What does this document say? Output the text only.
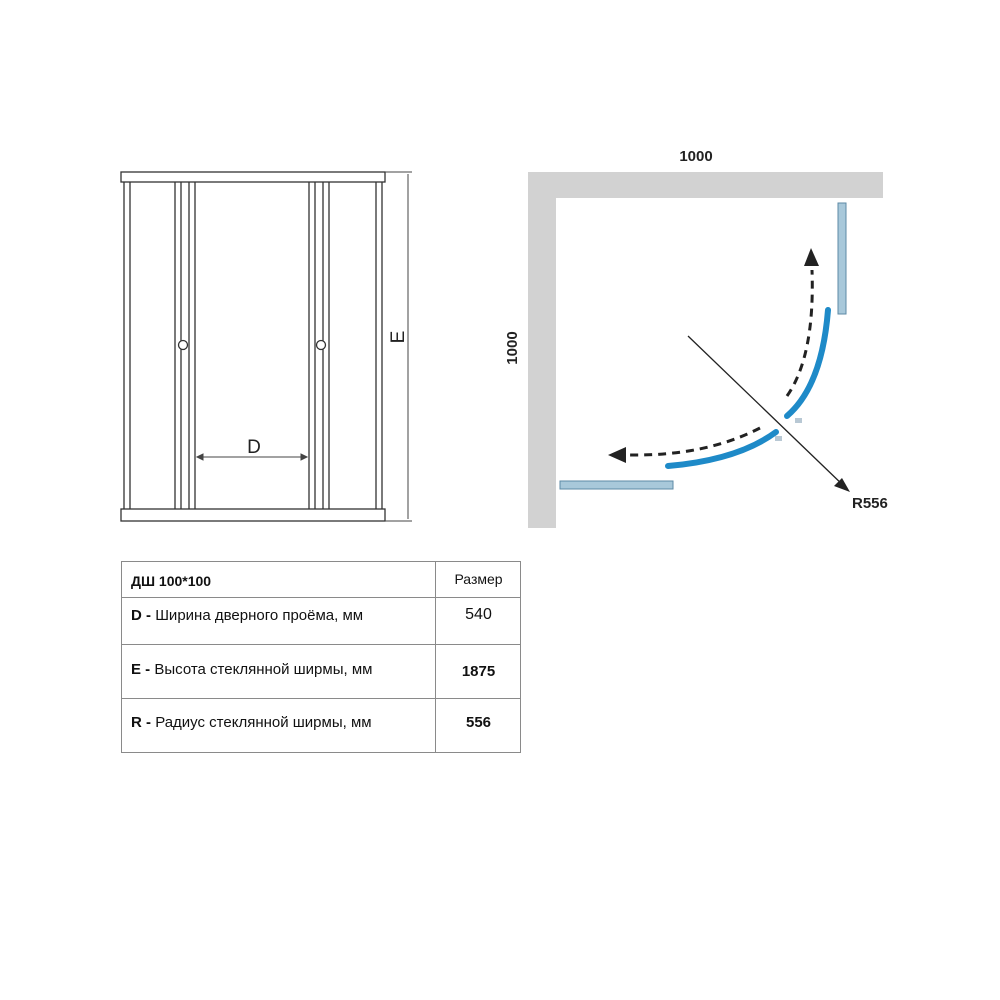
D
E
1000
1000
R556
ДШ 100*100	Размер
D - Ширина дверного проёма, мм	540
E - Высота стеклянной ширмы, мм	1875
R - Радиус стеклянной ширмы, мм	556
